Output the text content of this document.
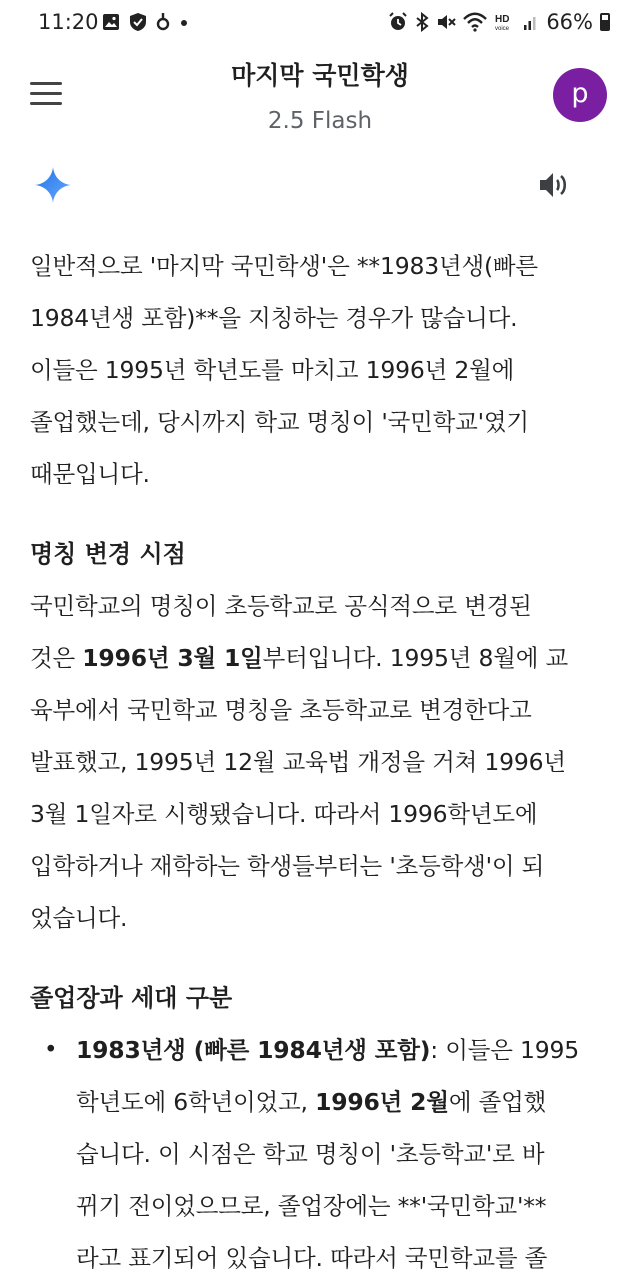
11:20	HD
voice 66%
마지막 국민학생
2.5 Flash
p

일반적으로 '마지막 국민학생'은 **1983년생(빠른
1984년생 포함)**을 지칭하는 경우가 많습니다.
이들은 1995년 학년도를 마치고 1996년 2월에
졸업했는데, 당시까지 학교 명칭이 '국민학교'였기
때문입니다.

명칭 변경 시점

국민학교의 명칭이 초등학교로 공식적으로 변경된
것은 1996년 3월 1일부터입니다. 1995년 8월에 교
육부에서 국민학교 명칭을 초등학교로 변경한다고
발표했고, 1995년 12월 교육법 개정을 거쳐 1996년
3월 1일자로 시행됐습니다. 따라서 1996학년도에
입학하거나 재학하는 학생들부터는 '초등학생'이 되
었습니다.

졸업장과 세대 구분
• 1983년생 (빠른 1984년생 포함): 이들은 1995
학년도에 6학년이었고, 1996년 2월에 졸업했
습니다. 이 시점은 학교 명칭이 '초등학교'로 바
뀌기 전이었으므로, 졸업장에는 **'국민학교'**
라고 표기되어 있습니다. 따라서 국민학교를 졸
